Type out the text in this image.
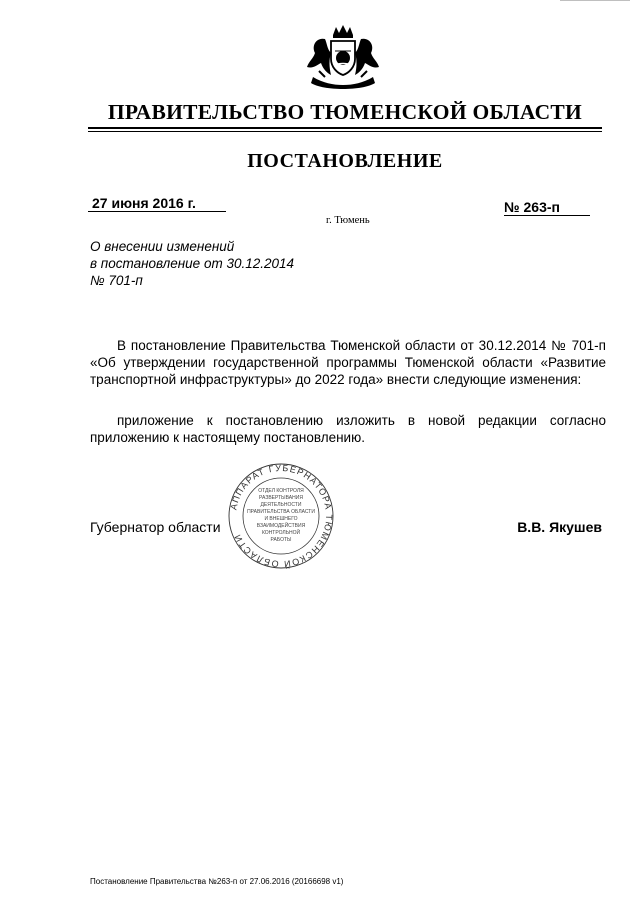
ПРАВИТЕЛЬСТВО ТЮМЕНСКОЙ ОБЛАСТИ
ПОСТАНОВЛЕНИЕ
27 июня 2016 г.	№ 263-п
г. Тюмень
О внесении изменений
в постановление от 30.12.2014
№ 701-п
В постановление Правительства Тюменской области от 30.12.2014 № 701-п «Об утверждении государственной программы Тюменской области «Развитие транспортной инфраструктуры» до 2022 года» внести следующие изменения:
приложение к постановлению изложить в новой редакции согласно приложению к настоящему постановлению.
Губернатор области	В.В. Якушев
АППАРАТ ГУБЕРНАТОРА ТЮМЕНСКОЙ ОБЛАСТИ
ОТДЕЛ КОНТРОЛЯ
РАЗВЕРТЫВАНИЯ
ДЕЯТЕЛЬНОСТИ
ПРАВИТЕЛЬСТВА ОБЛАСТИ
И ВНЕШНЕГО
ВЗАИМОДЕЙСТВИЯ
КОНТРОЛЬНОЙ
РАБОТЫ
Постановление Правительства №263-п от 27.06.2016 (20166698 v1)
